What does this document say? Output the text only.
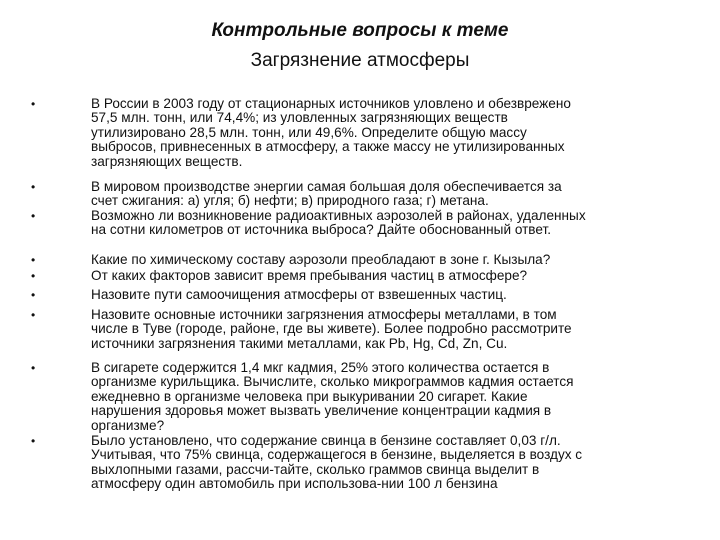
Контрольные вопросы к теме
Загрязнение атмосферы
•	В России в 2003 году от стационарных источников уловлено и обезврежено
57,5 млн. тонн, или 74,4%; из уловленных загрязняющих веществ
утилизировано 28,5 млн. тонн, или 49,6%. Определите общую массу
выбросов, привнесенных в атмосферу, а также массу не утилизированных
загрязняющих веществ.
•	В мировом производстве энергии самая большая доля обеспечивается за
счет сжигания: а) угля; б) нефти; в) природного газа; г) метана.
•	Возможно ли возникновение радиоактивных аэрозолей в районах, удаленных
на сотни километров от источника выброса? Дайте обоснованный ответ.
•	Какие по химическому составу аэрозоли преобладают в зоне г. Кызыла?
•	От каких факторов зависит время пребывания частиц в атмосфере?
•	Назовите пути самоочищения атмосферы от взвешенных частиц.
•	Назовите основные источники загрязнения атмосферы металлами, в том
числе в Туве (городе, районе, где вы живете). Более подробно рассмотрите
источники загрязнения такими металлами, как Pb, Hg, Cd, Zn, Cu.
•	В сигарете содержится 1,4 мкг кадмия, 25% этого количества остается в
организме курильщика. Вычислите, сколько микрограммов кадмия остается
ежедневно в организме человека при выкуривании 20 сигарет. Какие
нарушения здоровья может вызвать увеличение концентрации кадмия в
организме?
•	Было установлено, что содержание свинца в бензине составляет 0,03 г/л.
Учитывая, что 75% свинца, содержащегося в бензине, выделяется в воздух с
выхлопными газами, рассчи-тайте, сколько граммов свинца выделит в
атмосферу один автомобиль при использова-нии 100 л бензина
